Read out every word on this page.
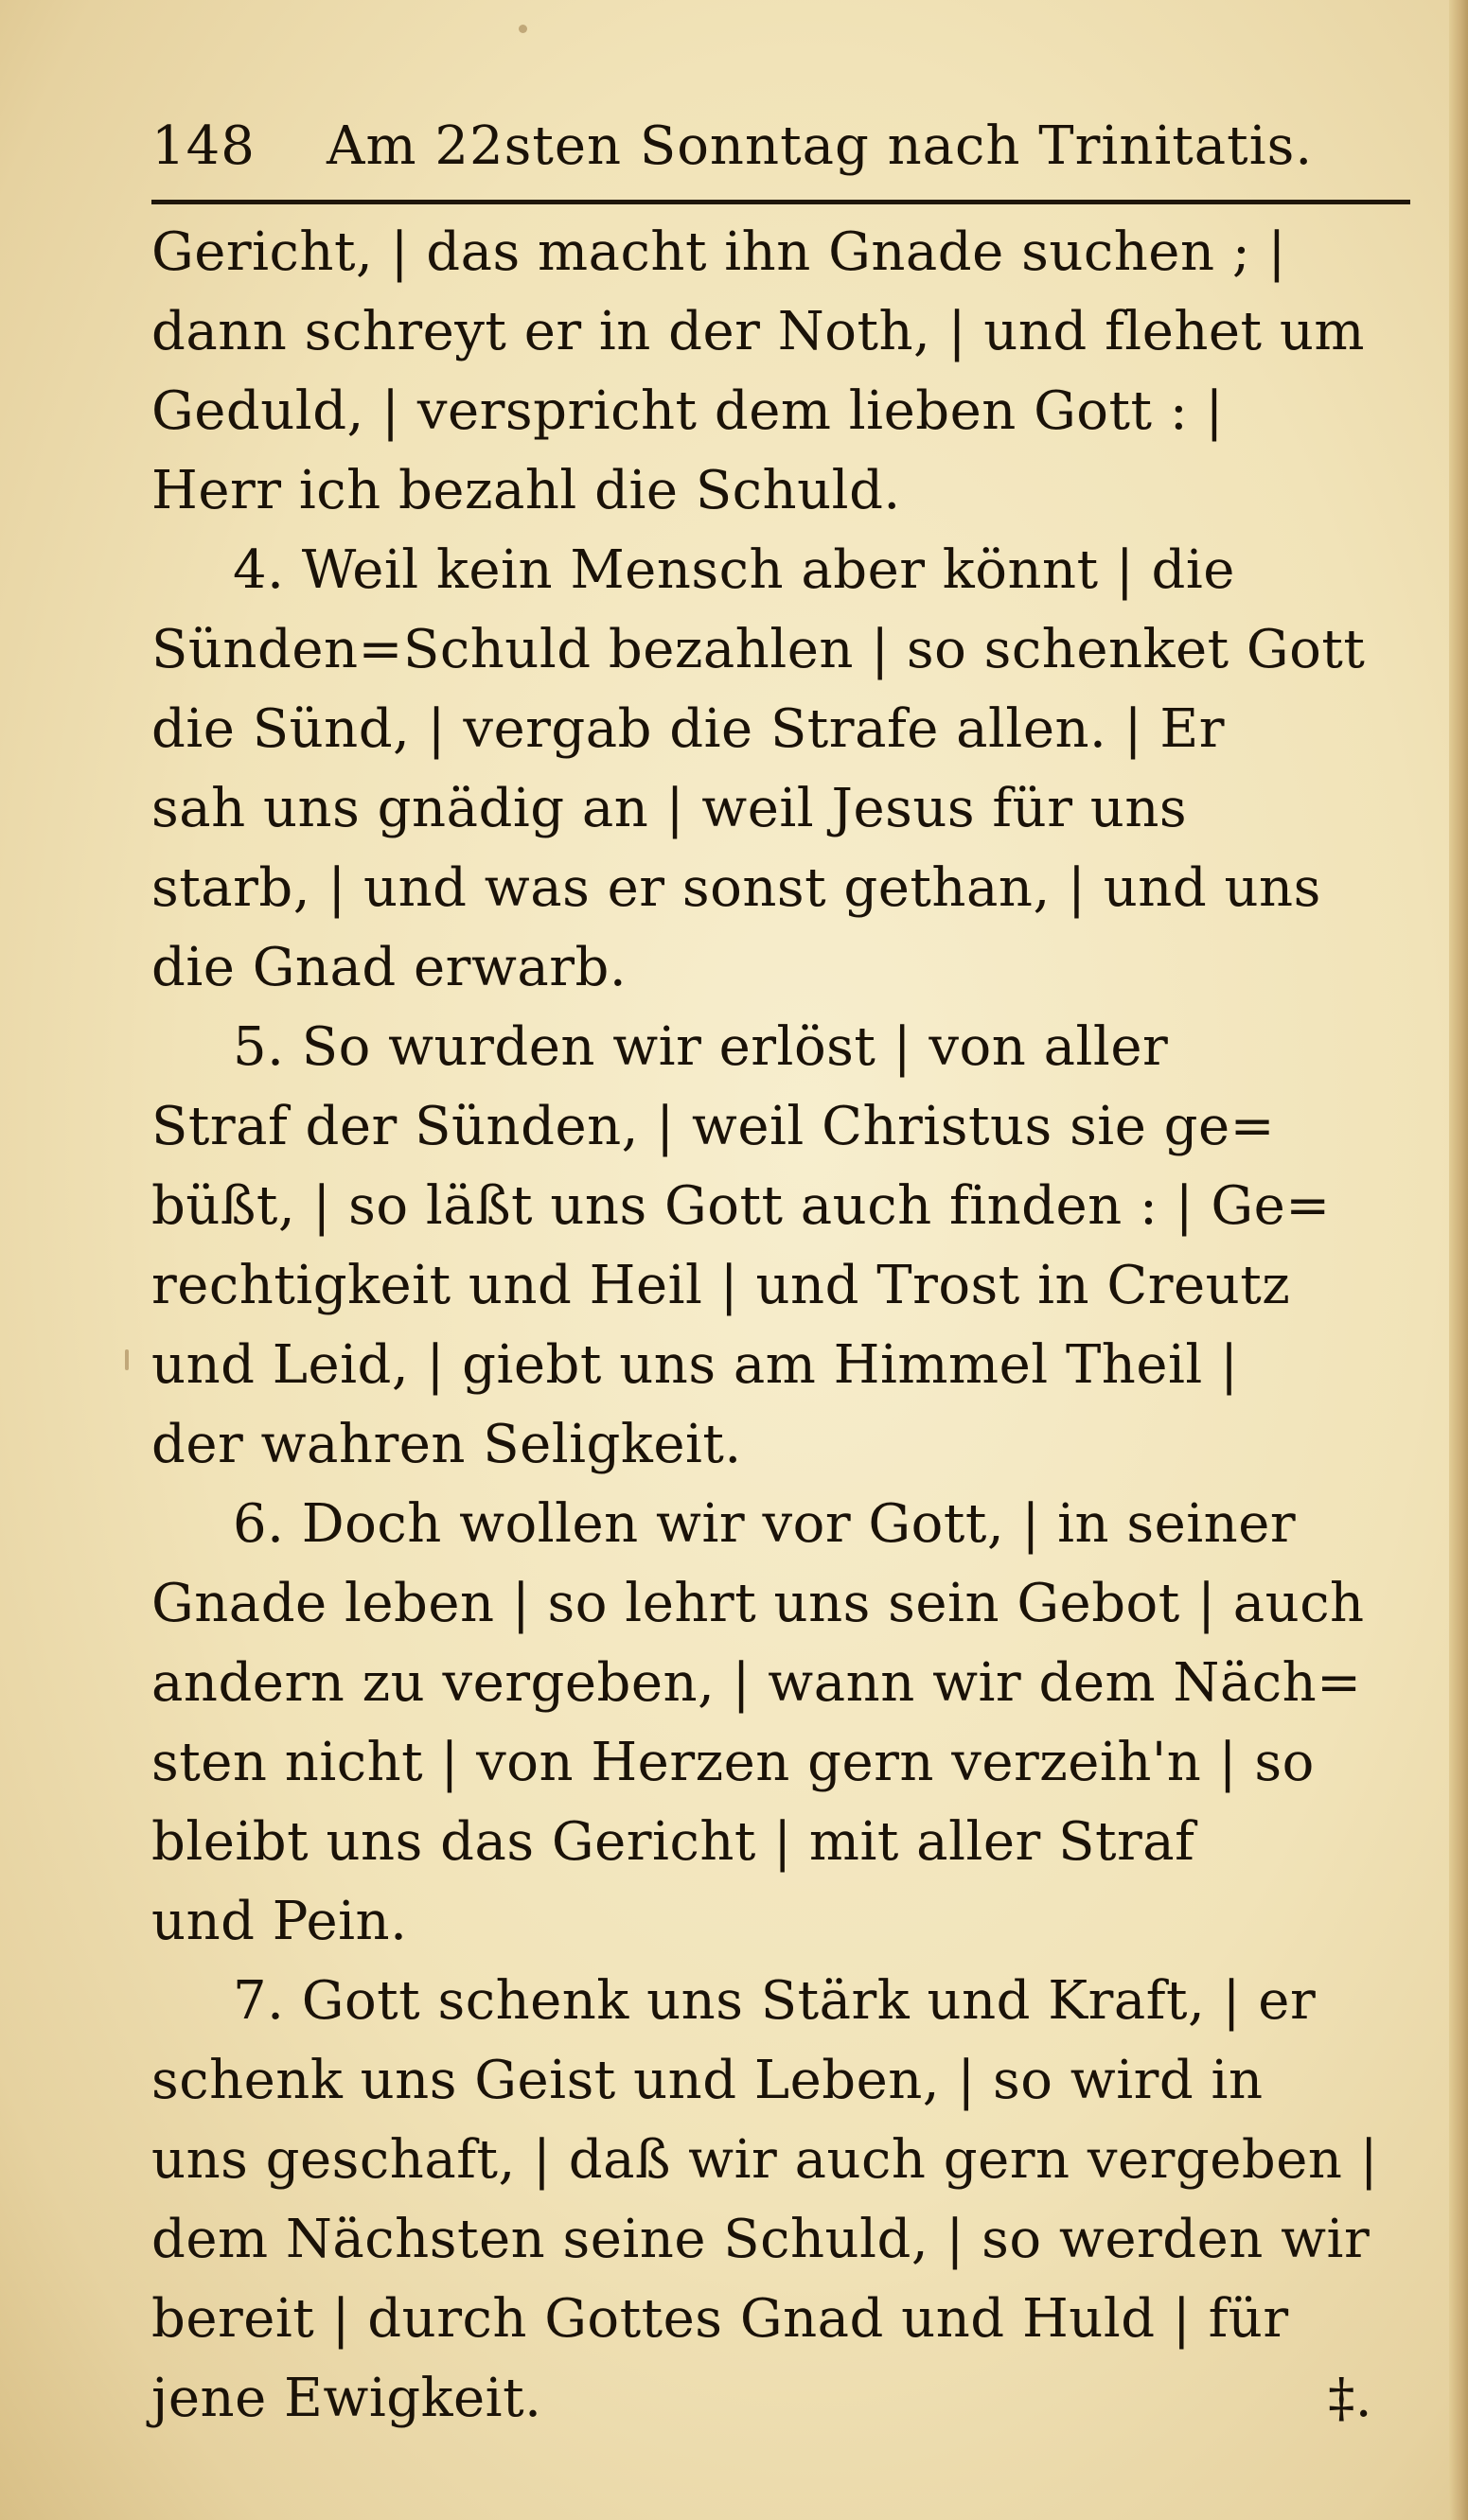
148 Am 22sten Sonntag nach Trinitatis.
Gericht, | das macht ihn Gnade suchen ; |
dann schreyt er in der Noth, | und flehet um
Geduld, | verspricht dem lieben Gott : |
Herr ich bezahl die Schuld.
4. Weil kein Mensch aber könnt | die
Sünden=Schuld bezahlen | so schenket Gott
die Sünd, | vergab die Strafe allen. | Er
sah uns gnädig an | weil Jesus für uns
starb, | und was er sonst gethan, | und uns
die Gnad erwarb.
5. So wurden wir erlöst | von aller
Straf der Sünden, | weil Christus sie ge=
büßt, | so läßt uns Gott auch finden : | Ge=
rechtigkeit und Heil | und Trost in Creutz
und Leid, | giebt uns am Himmel Theil |
der wahren Seligkeit.
6. Doch wollen wir vor Gott, | in seiner
Gnade leben | so lehrt uns sein Gebot | auch
andern zu vergeben, | wann wir dem Näch=
sten nicht | von Herzen gern verzeih'n | so
bleibt uns das Gericht | mit aller Straf
und Pein.
7. Gott schenk uns Stärk und Kraft, | er
schenk uns Geist und Leben, | so wird in
uns geschaft, | daß wir auch gern vergeben |
dem Nächsten seine Schuld, | so werden wir
bereit | durch Gottes Gnad und Huld | für
jene Ewigkeit.	‡.
